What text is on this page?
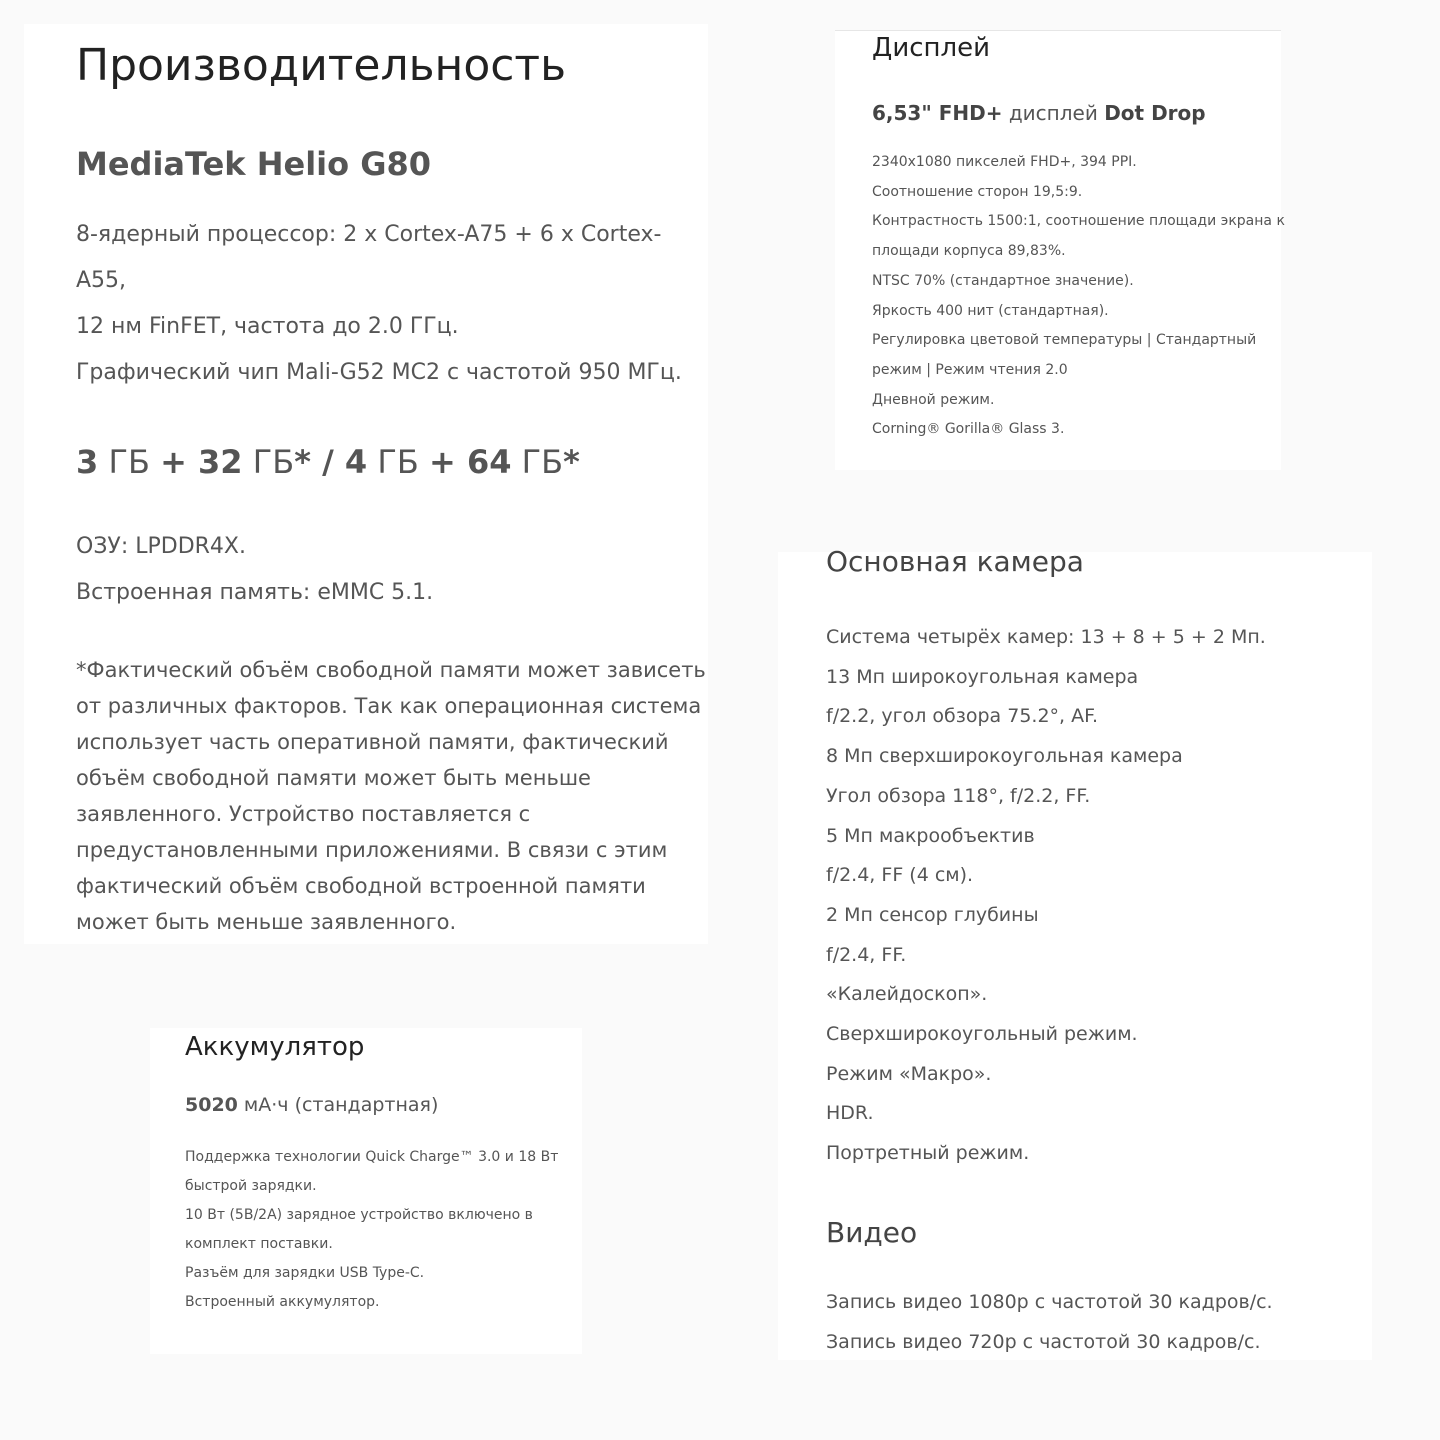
Производительность

MediaTek Helio G80

8-ядерный процессор: 2 x Cortex-A75 + 6 x Cortex-A55,

12 нм FinFET, частота до 2.0 ГГц.

Графический чип Mali-G52 MC2 с частотой 950 МГц.

3 ГБ + 32 ГБ* / 4 ГБ + 64 ГБ*

ОЗУ: LPDDR4X.

Встроенная память: eMMC 5.1.

*Фактический объём свободной памяти может зависеть от различных факторов. Так как операционная система использует часть оперативной памяти, фактический объём свободной памяти может быть меньше заявленного. Устройство поставляется с предустановленными приложениями. В связи с этим фактический объём свободной встроенной памяти может быть меньше заявленного.

Дисплей

6,53" FHD+ дисплей Dot Drop

2340x1080 пикселей FHD+, 394 PPI.

Соотношение сторон 19,5:9.

Контрастность 1500:1, соотношение площади экрана к

площади корпуса 89,83%.

NTSC 70% (стандартное значение).

Яркость 400 нит (стандартная).

Регулировка цветовой температуры | Стандартный

режим | Режим чтения 2.0

Дневной режим.

Corning® Gorilla® Glass 3.

Основная камера

Система четырёх камер: 13 + 8 + 5 + 2 Мп.

13 Мп широкоугольная камера

f/2.2, угол обзора 75.2°, AF.

8 Мп сверхширокоугольная камера

Угол обзора 118°, f/2.2, FF.

5 Мп макрообъектив

f/2.4, FF (4 см).

2 Мп сенсор глубины

f/2.4, FF.

«Калейдоскоп».

Сверхширокоугольный режим.

Режим «Макро».

HDR.

Портретный режим.

Видео

Запись видео 1080p с частотой 30 кадров/с.

Запись видео 720p с частотой 30 кадров/с.

Аккумулятор

5020 мА·ч (стандартная)

Поддержка технологии Quick Charge™ 3.0 и 18 Вт быстрой зарядки.

10 Вт (5В/2А) зарядное устройство включено в комплект поставки.

Разъём для зарядки USB Type-C.

Встроенный аккумулятор.
